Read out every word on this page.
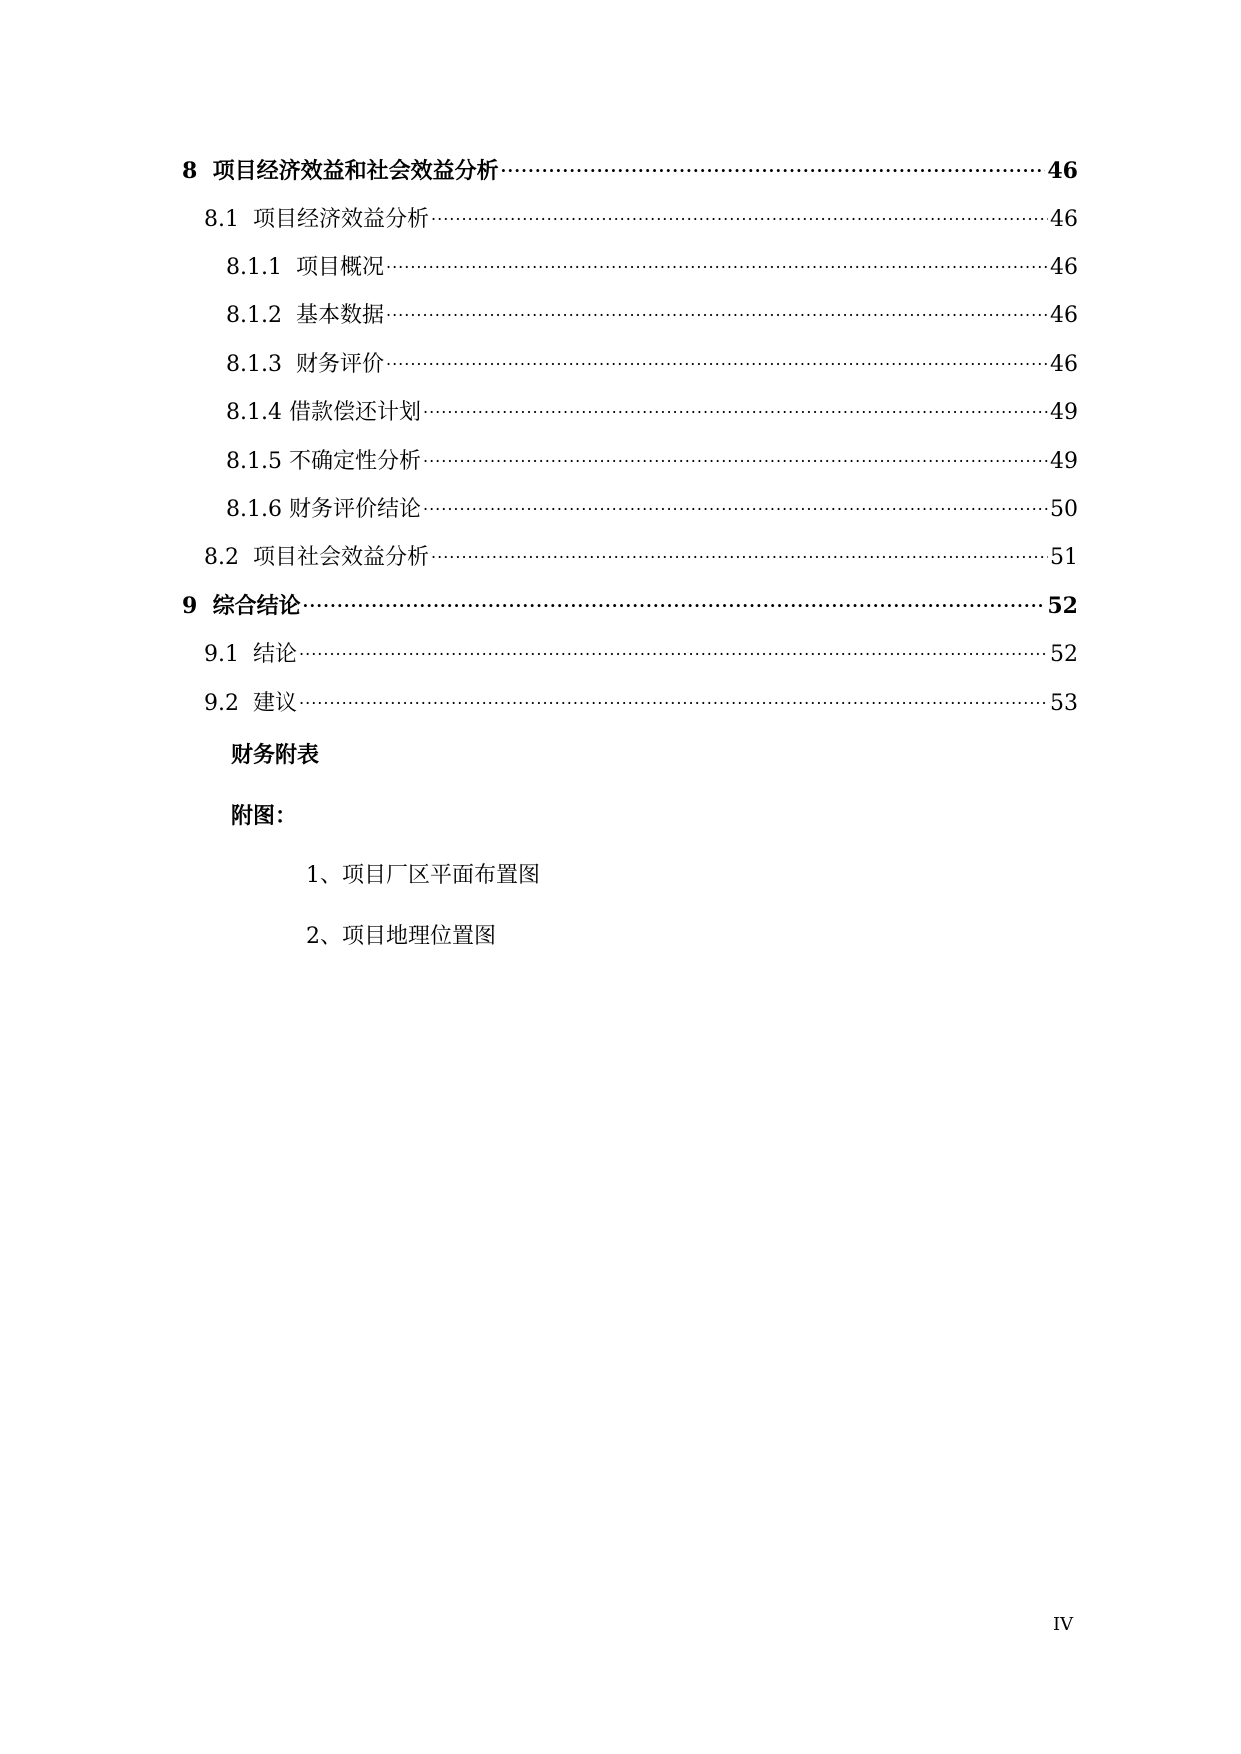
8 项目经济效益和社会效益分析 .....	46
8.1 项目经济效益分析 .....	46
8.1.1 项目概况 .....	46
8.1.2 基本数据 .....	46
8.1.3 财务评价 .....	46
8.1.4 借款偿还计划 .....	49
8.1.5 不确定性分析 .....	49
8.1.6 财务评价结论 .....	50
8.2 项目社会效益分析 .....	51
9 综合结论 .....	52
9.1 结论 .....	52
9.2 建议 .....	53
财务附表
附图：
1、项目厂区平面布置图
2、项目地理位置图
IV
